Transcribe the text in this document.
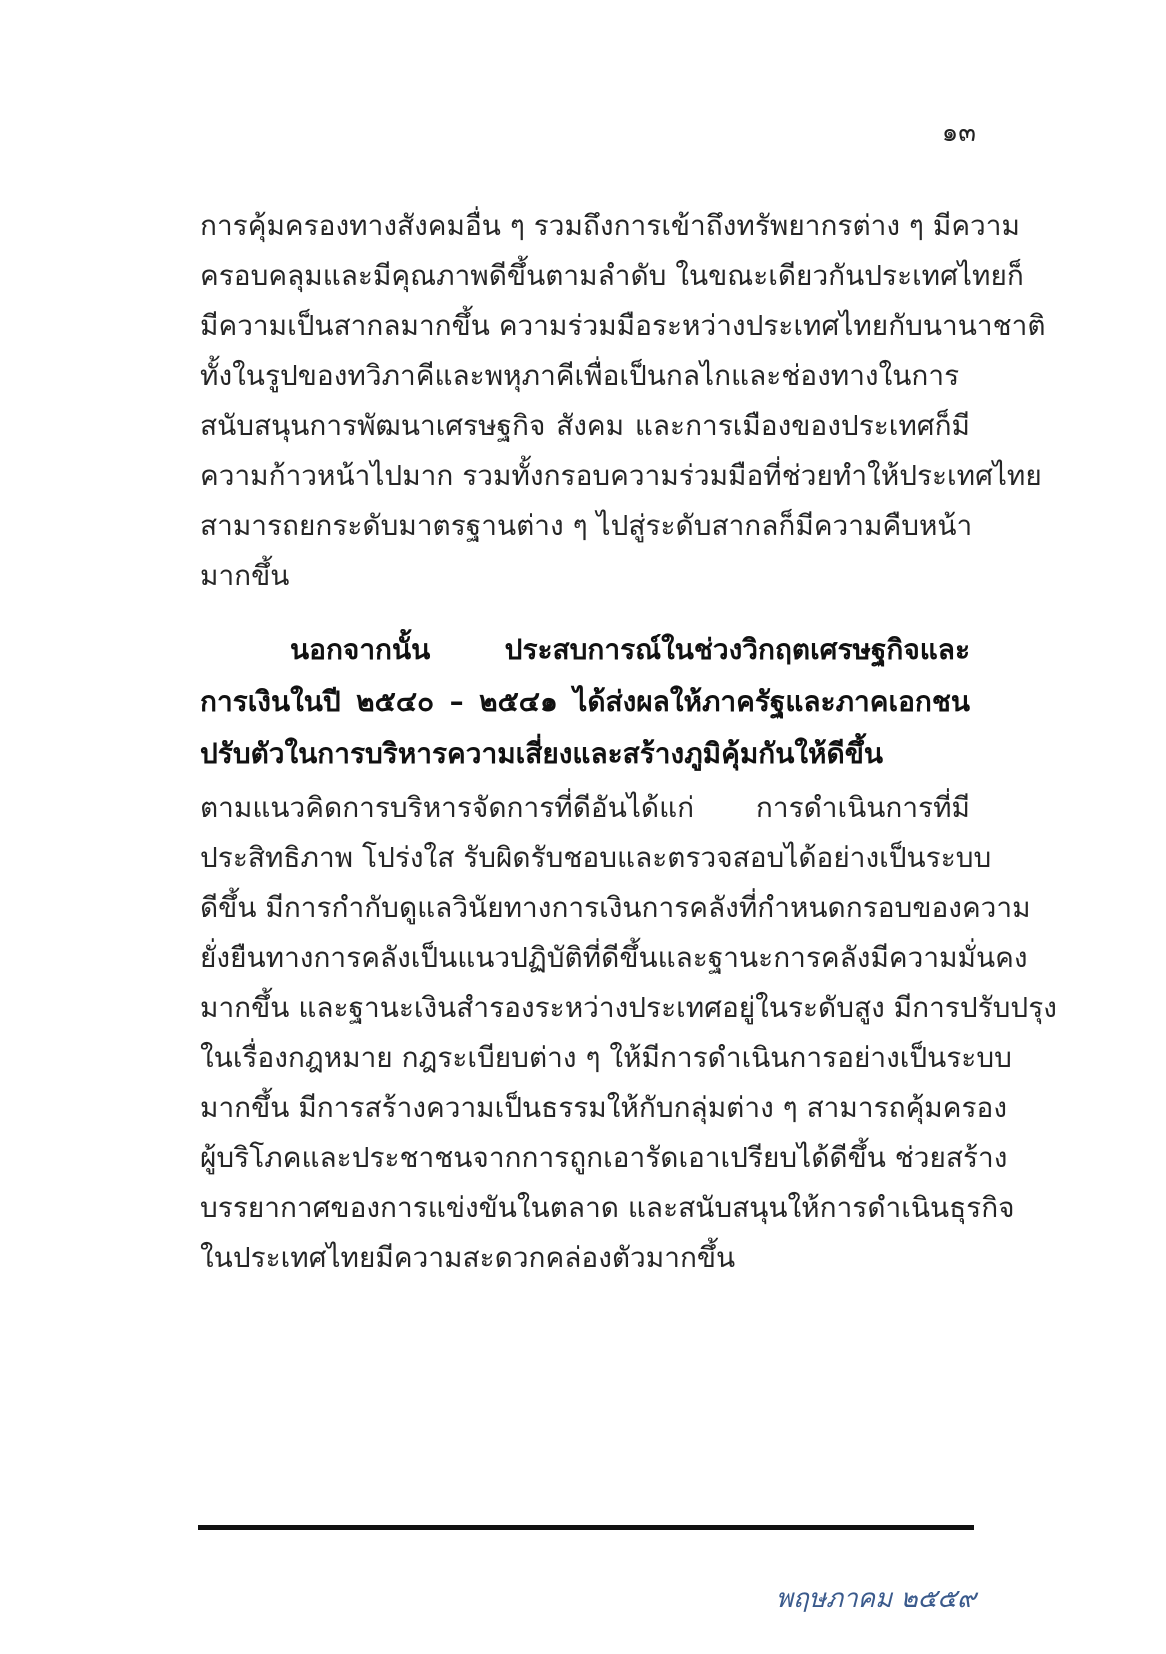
๑๓
การคุ้มครองทางสังคมอื่น ๆ รวมถึงการเข้าถึงทรัพยากรต่าง ๆ มีความ
ครอบคลุมและมีคุณภาพดีขึ้นตามลำดับ ในขณะเดียวกันประเทศไทยก็
มีความเป็นสากลมากขึ้น ความร่วมมือระหว่างประเทศไทยกับนานาชาติ
ทั้งในรูปของทวิภาคีและพหุภาคีเพื่อเป็นกลไกและช่องทางในการ
สนับสนุนการพัฒนาเศรษฐกิจ สังคม และการเมืองของประเทศก็มี
ความก้าวหน้าไปมาก รวมทั้งกรอบความร่วมมือที่ช่วยทำให้ประเทศไทย
สามารถยกระดับมาตรฐานต่าง ๆ ไปสู่ระดับสากลก็มีความคืบหน้า
มากขึ้น
นอกจากนั้น ประสบการณ์ในช่วงวิกฤตเศรษฐกิจและ
การเงินในปี ๒๕๔๐ – ๒๕๔๑ ได้ส่งผลให้ภาครัฐและภาคเอกชน
ปรับตัวในการบริหารความเสี่ยงและสร้างภูมิคุ้มกันให้ดีขึ้น
ตามแนวคิดการบริหารจัดการที่ดีอันได้แก่ การดำเนินการที่มี
ประสิทธิภาพ โปร่งใส รับผิดรับชอบและตรวจสอบได้อย่างเป็นระบบ
ดีขึ้น มีการกำกับดูแลวินัยทางการเงินการคลังที่กำหนดกรอบของความ
ยั่งยืนทางการคลังเป็นแนวปฏิบัติที่ดีขึ้นและฐานะการคลังมีความมั่นคง
มากขึ้น และฐานะเงินสำรองระหว่างประเทศอยู่ในระดับสูง มีการปรับปรุง
ในเรื่องกฎหมาย กฎระเบียบต่าง ๆ ให้มีการดำเนินการอย่างเป็นระบบ
มากขึ้น มีการสร้างความเป็นธรรมให้กับกลุ่มต่าง ๆ สามารถคุ้มครอง
ผู้บริโภคและประชาชนจากการถูกเอารัดเอาเปรียบได้ดีขึ้น ช่วยสร้าง
บรรยากาศของการแข่งขันในตลาด และสนับสนุนให้การดำเนินธุรกิจ
ในประเทศไทยมีความสะดวกคล่องตัวมากขึ้น
พฤษภาคม ๒๕๕๙
